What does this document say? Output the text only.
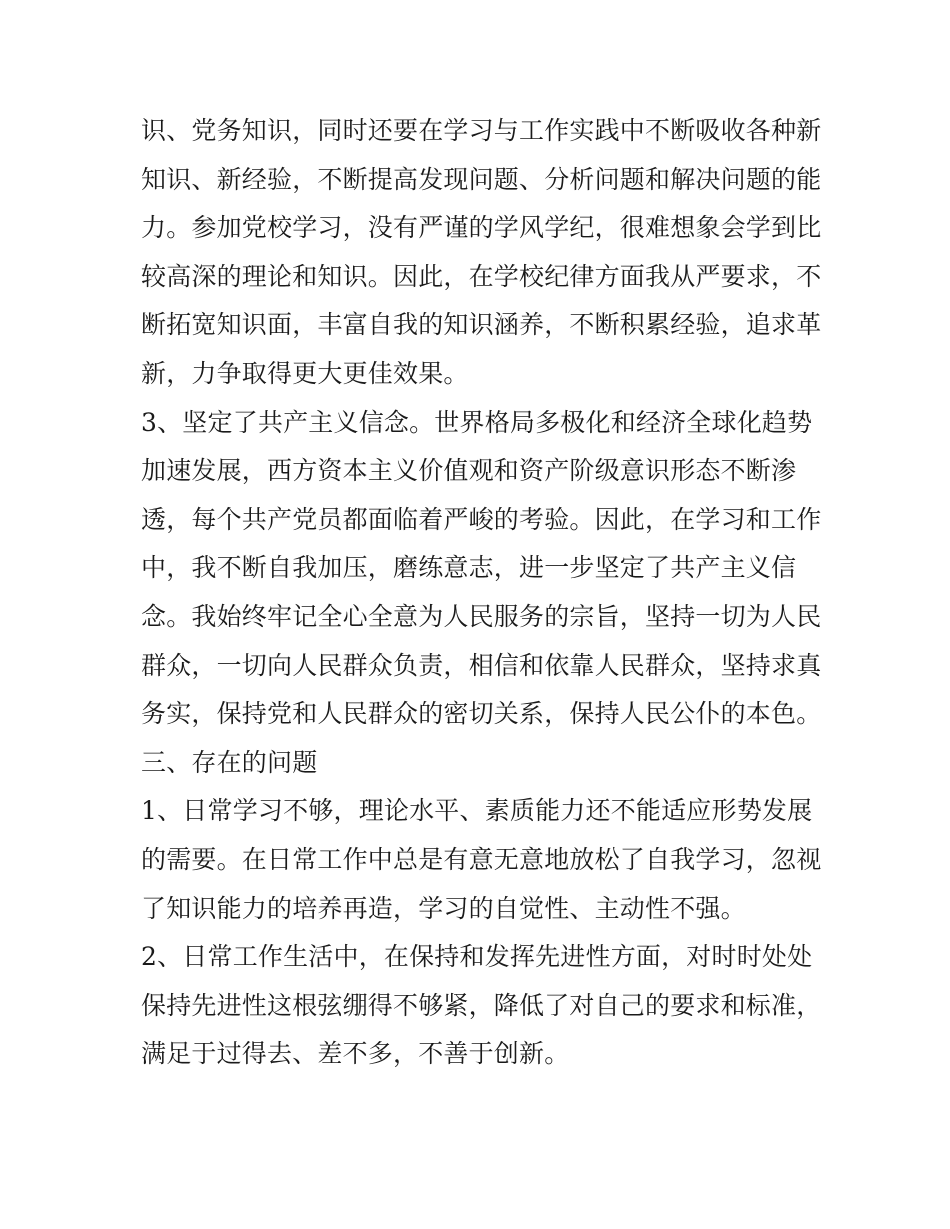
识、党务知识，同时还要在学习与工作实践中不断吸收各种新
知识、新经验，不断提高发现问题、分析问题和解决问题的能
力。参加党校学习，没有严谨的学风学纪，很难想象会学到比
较高深的理论和知识。因此，在学校纪律方面我从严要求，不
断拓宽知识面，丰富自我的知识涵养，不断积累经验，追求革
新，力争取得更大更佳效果。
3、坚定了共产主义信念。世界格局多极化和经济全球化趋势
加速发展，西方资本主义价值观和资产阶级意识形态不断渗
透，每个共产党员都面临着严峻的考验。因此，在学习和工作
中，我不断自我加压，磨练意志，进一步坚定了共产主义信
念。我始终牢记全心全意为人民服务的宗旨，坚持一切为人民
群众，一切向人民群众负责，相信和依靠人民群众，坚持求真
务实，保持党和人民群众的密切关系，保持人民公仆的本色。
三、存在的问题
1、日常学习不够，理论水平、素质能力还不能适应形势发展
的需要。在日常工作中总是有意无意地放松了自我学习，忽视
了知识能力的培养再造，学习的自觉性、主动性不强。
2、日常工作生活中，在保持和发挥先进性方面，对时时处处
保持先进性这根弦绷得不够紧，降低了对自己的要求和标准，
满足于过得去、差不多，不善于创新。
